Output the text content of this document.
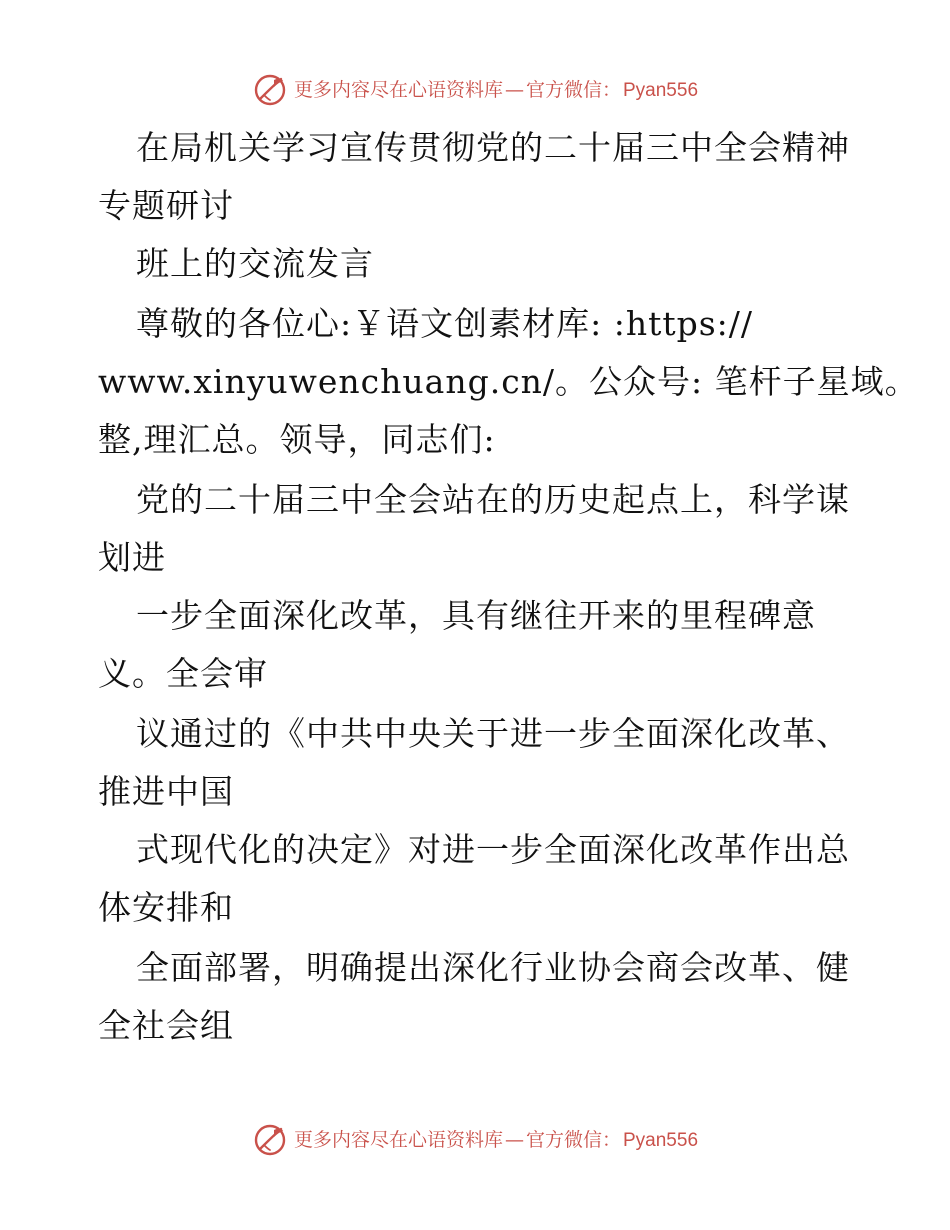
更多内容尽在心语资料库 — 官方微信： Pyan556
在局机关学习宣传贯彻党的二十届三中全会精神
专题研讨
班上的交流发言
尊敬的各位心:￥语文创素材库: :https://
www.xinyuwenchuang.cn/。公众号: 笔杆子星域。
整,理汇总。领导，同志们:
党的二十届三中全会站在的历史起点上，科学谋
划进
一步全面深化改革，具有继往开来的里程碑意
义。全会审
议通过的《中共中央关于进一步全面深化改革、
推进中国
式现代化的决定》对进一步全面深化改革作出总
体安排和
全面部署，明确提出深化行业协会商会改革、健
全社会组
更多内容尽在心语资料库 — 官方微信： Pyan556
